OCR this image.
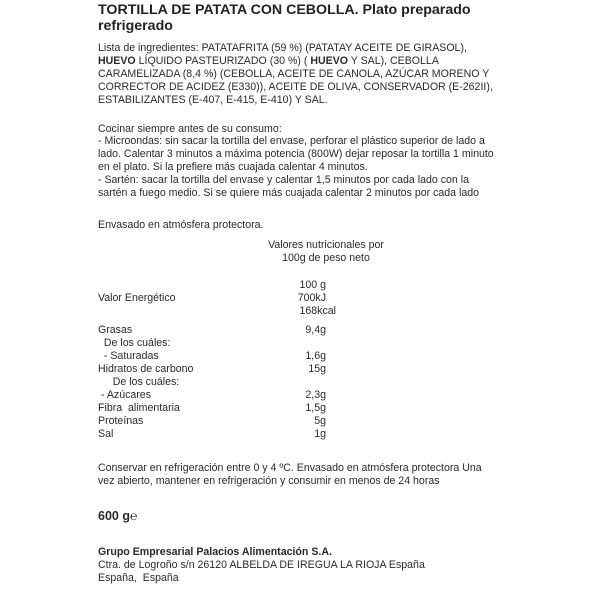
TORTILLA DE PATATA CON CEBOLLA. Plato preparado refrigerado
Lista de ingredientes: PATATAFRITA (59 %) (PATATAY ACEITE DE GIRASOL), HUEVO LÍQUIDO PASTEURIZADO (30 %) ( HUEVO Y SAL), CEBOLLA CARAMELIZADA (8,4 %) (CEBOLLA, ACEITE DE CANOLA, AZÚCAR MORENO Y CORRECTOR DE ACIDEZ (E330)), ACEITE DE OLIVA, CONSERVADOR (E-262II), ESTABILIZANTES (E-407, E-415, E-410) Y SAL.
Cocinar siempre antes de su consumo:
- Microondas: sin sacar la tortilla del envase, perforar el plástico superior de lado a lado. Calentar 3 minutos a máxima potencia (800W) dejar reposar la tortilla 1 minuto en el plato. Si la prefiere más cuajada calentar 4 minutos.
- Sartén: sacar la tortilla del envase y calentar 1,5 minutos por cada lado con la sartén a fuego medio. Si se quiere más cuajada calentar 2 minutos por cada lado
Envasado en atmósfera protectora.
Valores nutricionales por
100g de peso neto
100 g
Valor Energético	700kJ
168kcal
Grasas	9,4g
De los cuáles:
- Saturadas	1,6g
Hidratos de carbono	15g
De los cuáles:
- Azúcares	2,3g
Fibra  alimentaria	1,5g
Proteínas	5g
Sal	1g
Conservar en refrigeración entre 0 y 4 ºC. Envasado en atmósfera protectora Una vez abierto, mantener en refrigeración y consumir en menos de 24 horas
600 g℮
Grupo Empresarial Palacios Alimentación S.A.
Ctra. de Logroño s/n 26120 ALBELDA DE IREGUA LA RIOJA España
España,  España
